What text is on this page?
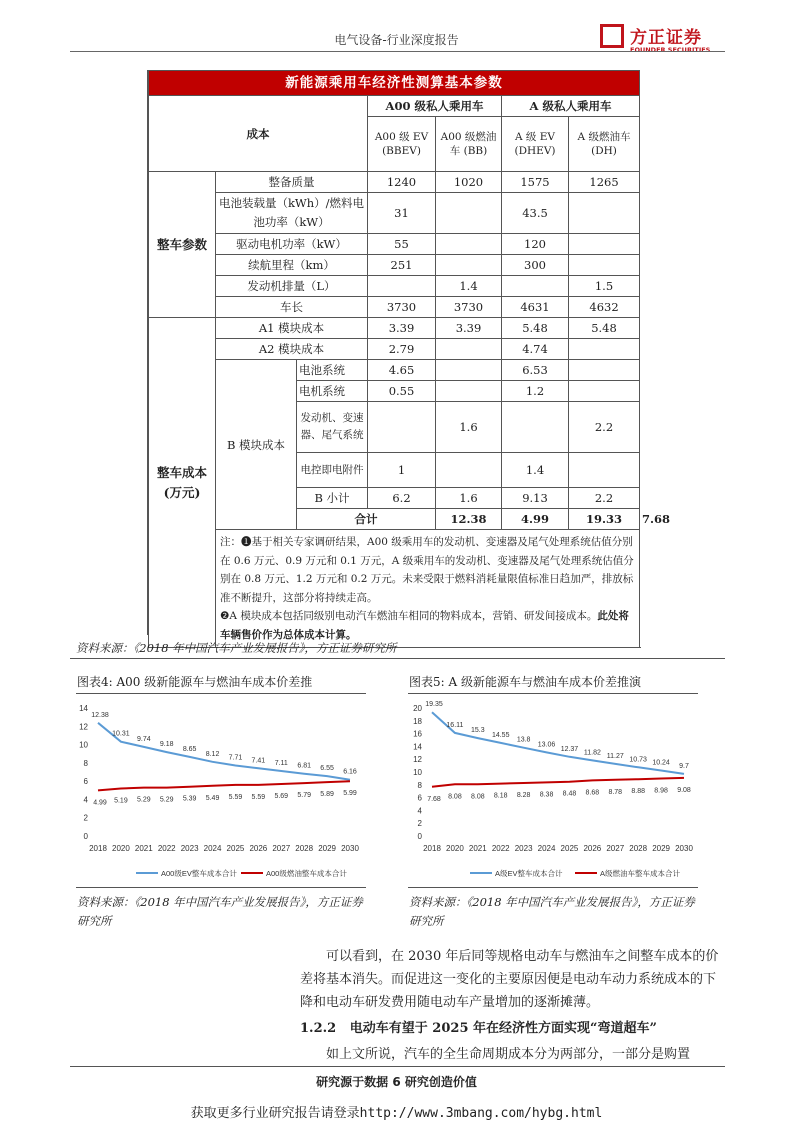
电气设备-行业深度报告	方正证券
FOUNDER SECURITIES
新能源乘用车经济性测算基本参数							
成本			A00 级私人乘用车		A 级私人乘用车		
			A00 级 EV (BBEV)	A00 级燃油车 (BB)	A 级 EV (DHEV)	A 级燃油车 (DH)	
整车参数	整备质量		1240	1020	1575	1265	
	电池装载量（kWh）/燃料电池功率（kW）		31		43.5		
	驱动电机功率（kW）		55		120		
	续航里程（km）		251		300		
	发动机排量（L）			1.4		1.5	
	车长		3730	3730	4631	4632	
整车成本 (万元)	A1 模块成本		3.39	3.39	5.48	5.48	
	A2 模块成本		2.79		4.74		
	B 模块成本	电池系统	4.65		6.53		
		电机系统	0.55		1.2		
		发动机、变速器、尾气系统		1.6		2.2	
		电控即电附件	1		1.4		
		B 小计	6.2	1.6	9.13	2.2	
		合计		12.38	4.99	19.33	7.68
	注：❶基于相关专家调研结果，A00 级乘用车的发动机、变速器及尾气处理系统估值分别在 0.6 万元、0.9 万元和 0.1 万元，A 级乘用车的发动机、变速器及尾气处理系统估值分别在 0.8 万元、1.2 万元和 0.2 万元。未来受限于燃料消耗量限值标准日趋加严，排放标准不断提升，这部分将持续走高。
❷A 模块成本包括同级别电动汽车燃油车相同的物料成本，营销、研发间接成本。此处将车辆售价作为总体成本计算。						
资料来源：《2018 年中国汽车产业发展报告》，方正证券研究所
图表4: A00 级新能源车与燃油车成本价差推	图表5: A 级新能源车与燃油车成本价差推演
0
2
4
6
8
10
12
14
2018 2020 2021 2022 2023 2024 2025 2026 2027 2028 2029 2030
12.38
10.31
9.74
9.18
8.65
8.12
7.71 7.41 7.11 6.81 6.55
6.16
4.99 5.19 5.29 5.29 5.39 5.49 5.59 5.59 5.69 5.79 5.89 5.99
A00级EV整车成本合计	A00级燃油整车成本合计
0
2
4
6
8
10
12
14
16
18
20
2018 2020 2021 2022 2023 2024 2025 2026 2027 2028 2029 2030
19.35
16.11
15.3
14.55
13.8
13.06
12.37
11.82
11.27 10.73 10.24 9.7
7.68 8.08 8.08 8.18 8.28 8.38 8.48 8.68 8.78 8.88 8.98 9.08
A级EV整车成本合计	A级燃油车整车成本合计
资料来源：《2018 年中国汽车产业发展报告》，方正证券研究所
资料来源：《2018 年中国汽车产业发展报告》，方正证券研究所
可以看到，在 2030 年后同等规格电动车与燃油车之间整车成本的价差将基本消失。而促进这一变化的主要原因便是电动车动力系统成本的下降和电动车研发费用随电动车产量增加的逐渐摊薄。
1.2.2 电动车有望于 2025 年在经济性方面实现“弯道超车”
如上文所说，汽车的全生命周期成本分为两部分，一部分是购置
研究源于数据 6 研究创造价值
获取更多行业研究报告请登录http://www.3mbang.com/hybg.html
